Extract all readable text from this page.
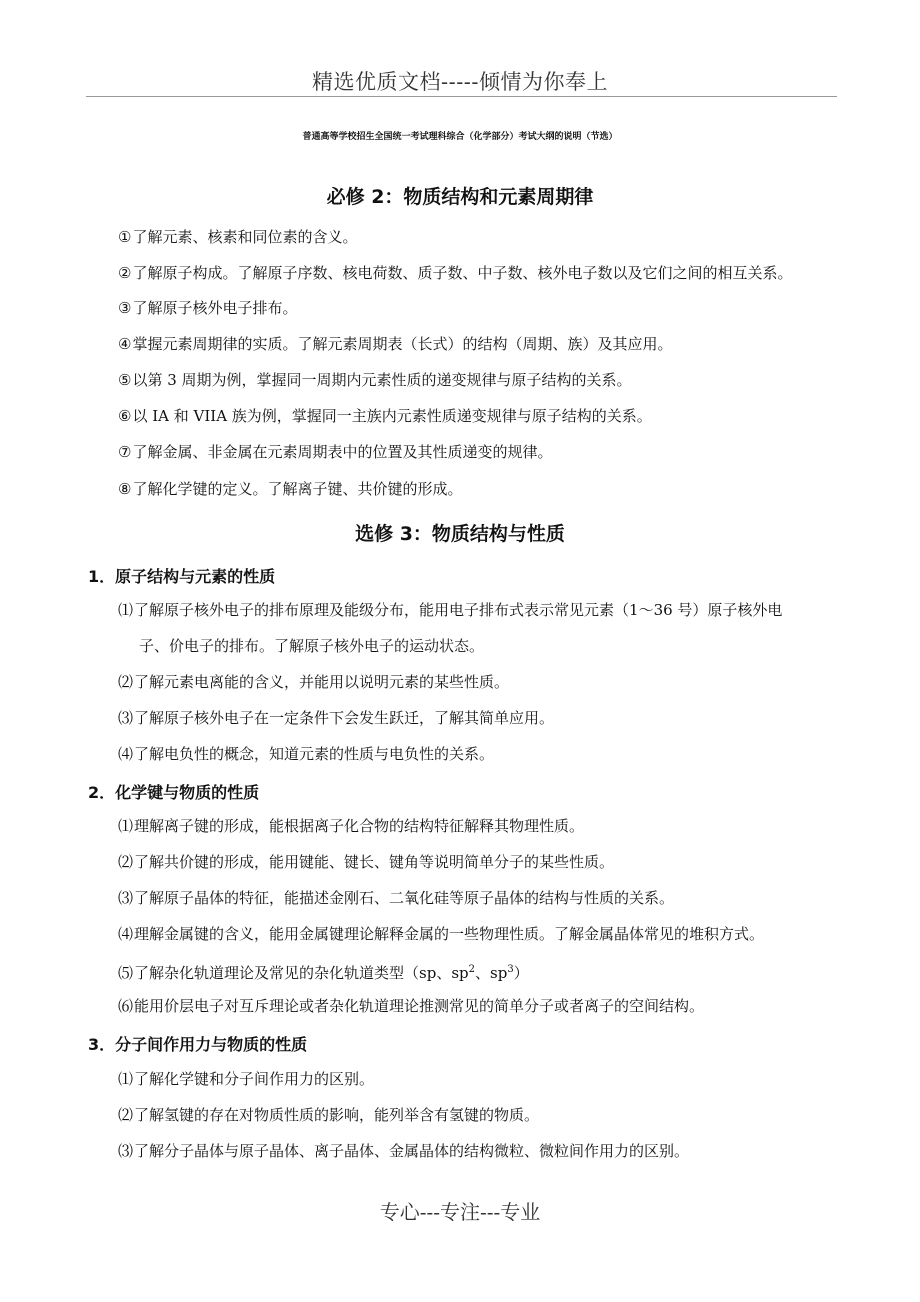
精选优质文档-----倾情为你奉上
普通高等学校招生全国统一考试理科综合（化学部分）考试大纲的说明（节选）
必修 2：物质结构和元素周期律
①了解元素、核素和同位素的含义。
②了解原子构成。了解原子序数、核电荷数、质子数、中子数、核外电子数以及它们之间的相互关系。
③了解原子核外电子排布。
④掌握元素周期律的实质。了解元素周期表（长式）的结构（周期、族）及其应用。
⑤以第 3 周期为例，掌握同一周期内元素性质的递变规律与原子结构的关系。
⑥以 IA 和 VIIA 族为例，掌握同一主族内元素性质递变规律与原子结构的关系。
⑦了解金属、非金属在元素周期表中的位置及其性质递变的规律。
⑧了解化学键的定义。了解离子键、共价键的形成。
选修 3：物质结构与性质
1．原子结构与元素的性质
⑴了解原子核外电子的排布原理及能级分布，能用电子排布式表示常见元素（1～36 号）原子核外电
子、价电子的排布。了解原子核外电子的运动状态。
⑵了解元素电离能的含义，并能用以说明元素的某些性质。
⑶了解原子核外电子在一定条件下会发生跃迁，了解其简单应用。
⑷了解电负性的概念，知道元素的性质与电负性的关系。
2．化学键与物质的性质
⑴理解离子键的形成，能根据离子化合物的结构特征解释其物理性质。
⑵了解共价键的形成，能用键能、键长、键角等说明简单分子的某些性质。
⑶了解原子晶体的特征，能描述金刚石、二氧化硅等原子晶体的结构与性质的关系。
⑷理解金属键的含义，能用金属键理论解释金属的一些物理性质。了解金属晶体常见的堆积方式。
⑸了解杂化轨道理论及常见的杂化轨道类型（sp、$sp^2$、$sp^3$）
⑹能用价层电子对互斥理论或者杂化轨道理论推测常见的简单分子或者离子的空间结构。
3．分子间作用力与物质的性质
⑴了解化学键和分子间作用力的区别。
⑵了解氢键的存在对物质性质的影响，能列举含有氢键的物质。
⑶了解分子晶体与原子晶体、离子晶体、金属晶体的结构微粒、微粒间作用力的区别。
专心---专注---专业
